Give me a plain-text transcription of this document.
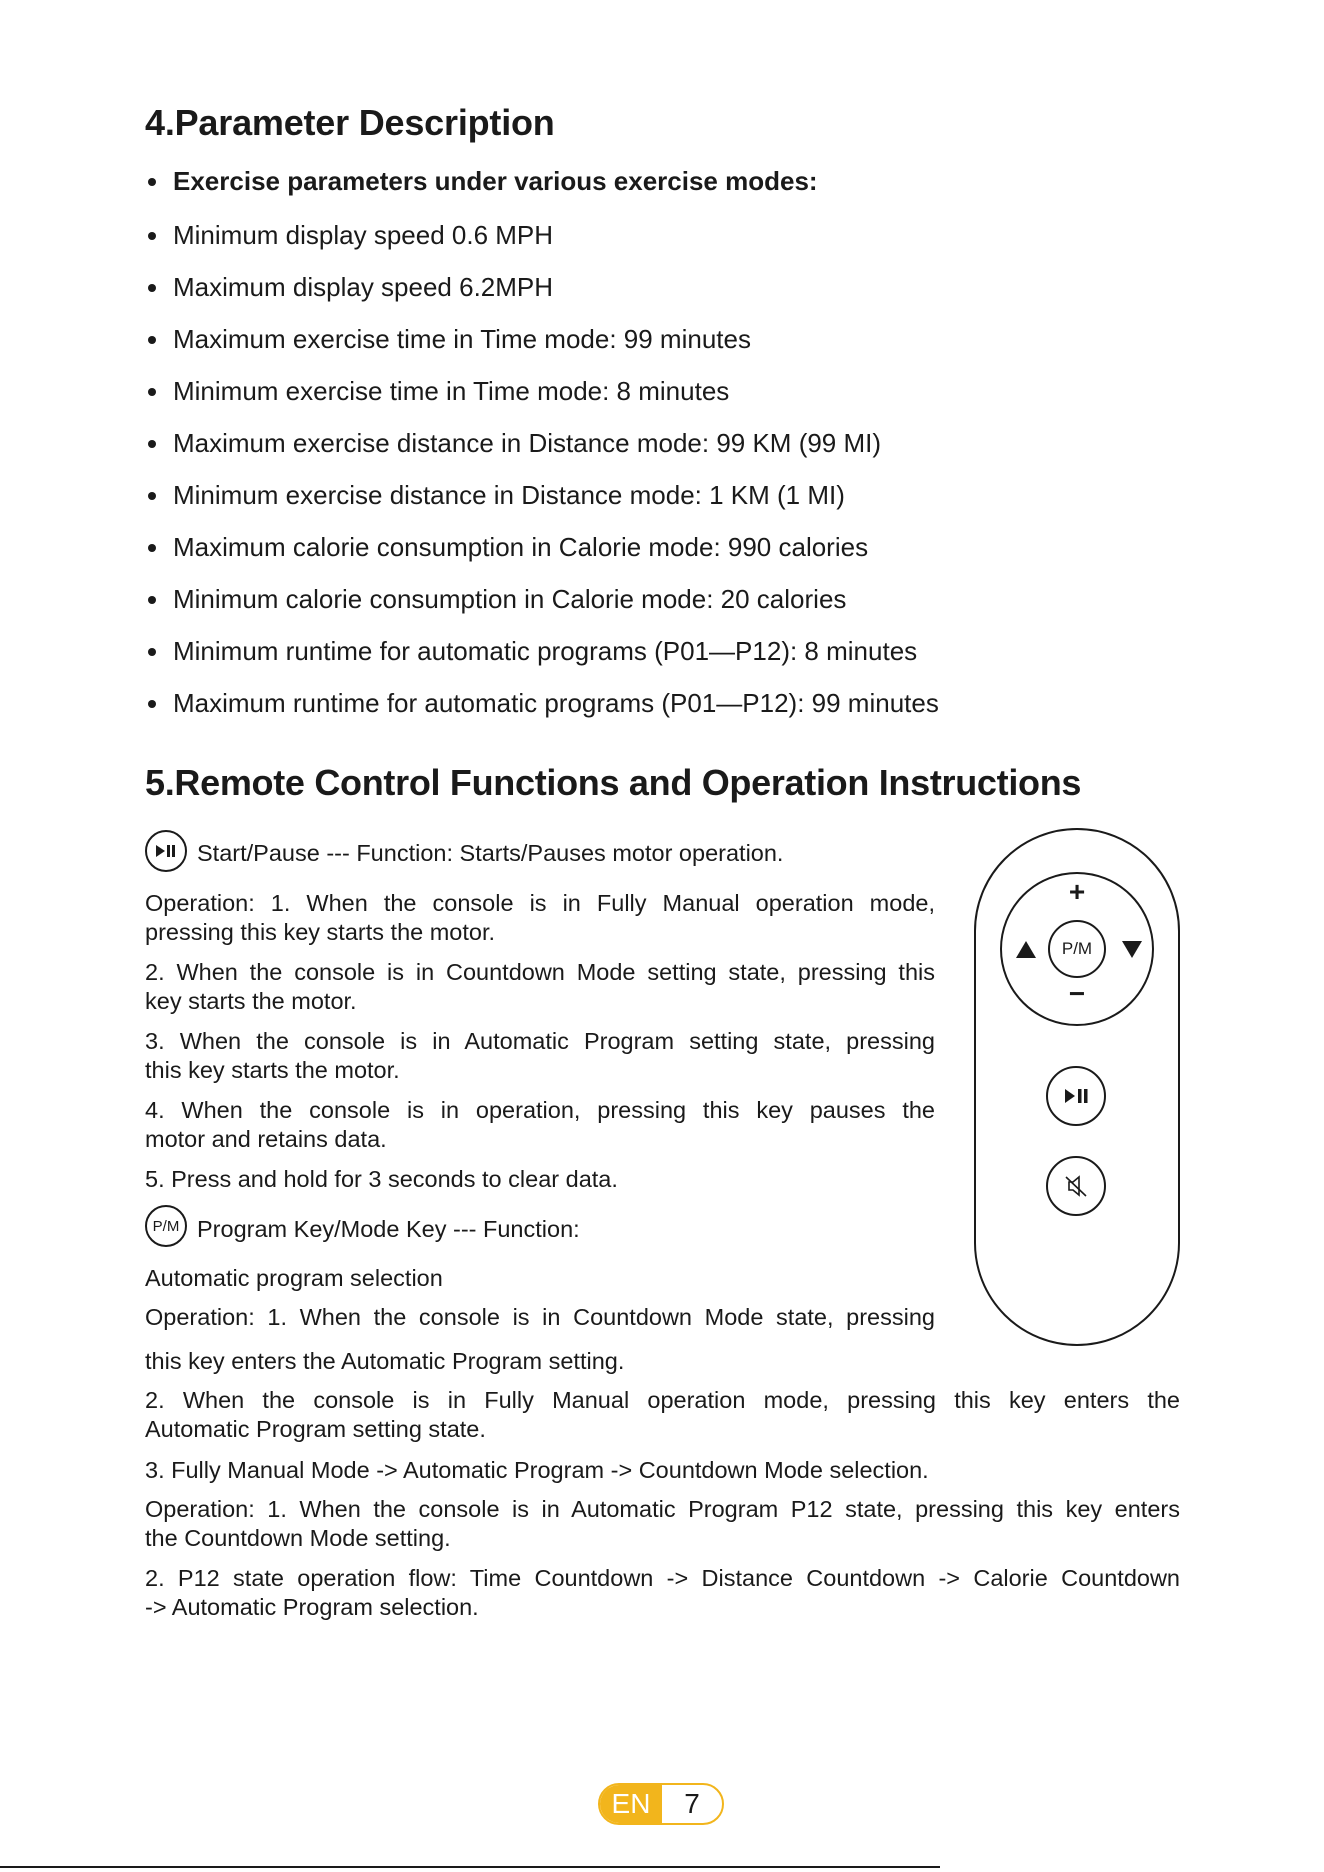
4.Parameter Description
Exercise parameters under various exercise modes:
Minimum display speed 0.6 MPH
Maximum display speed 6.2MPH
Maximum exercise time in Time mode: 99 minutes
Minimum exercise time in Time mode: 8 minutes
Maximum exercise distance in Distance mode: 99 KM (99 MI)
Minimum exercise distance in Distance mode: 1 KM (1 MI)
Maximum calorie consumption in Calorie mode: 990 calories
Minimum calorie consumption in Calorie mode: 20 calories
Minimum runtime for automatic programs (P01—P12): 8 minutes
Maximum runtime for automatic programs (P01—P12): 99 minutes
5.Remote Control Functions and Operation Instructions

Start/Pause --- Function: Starts/Pauses motor operation.

Operation: 1. When the console is in Fully Manual operation mode,

pressing this key starts the motor.

2. When the console is in Countdown Mode setting state, pressing this

key starts the motor.

3. When the console is in Automatic Program setting state, pressing

this key starts the motor.

4. When the console is in operation, pressing this key pauses the

motor and retains data.

5. Press and hold for 3 seconds to clear data.

P/M Program Key/Mode Key --- Function:

Automatic program selection

Operation: 1. When the console is in Countdown Mode state, pressing

this key enters the Automatic Program setting.

2. When the console is in Fully Manual operation mode, pressing this key enters the

Automatic Program setting state.

3. Fully Manual Mode -> Automatic Program -> Countdown Mode selection.

Operation: 1. When the console is in Automatic Program P12 state, pressing this key enters

the Countdown Mode setting.

2. P12 state operation flow: Time Countdown -> Distance Countdown -> Calorie Countdown

-> Automatic Program selection.

+
P/M
−
EN	7
